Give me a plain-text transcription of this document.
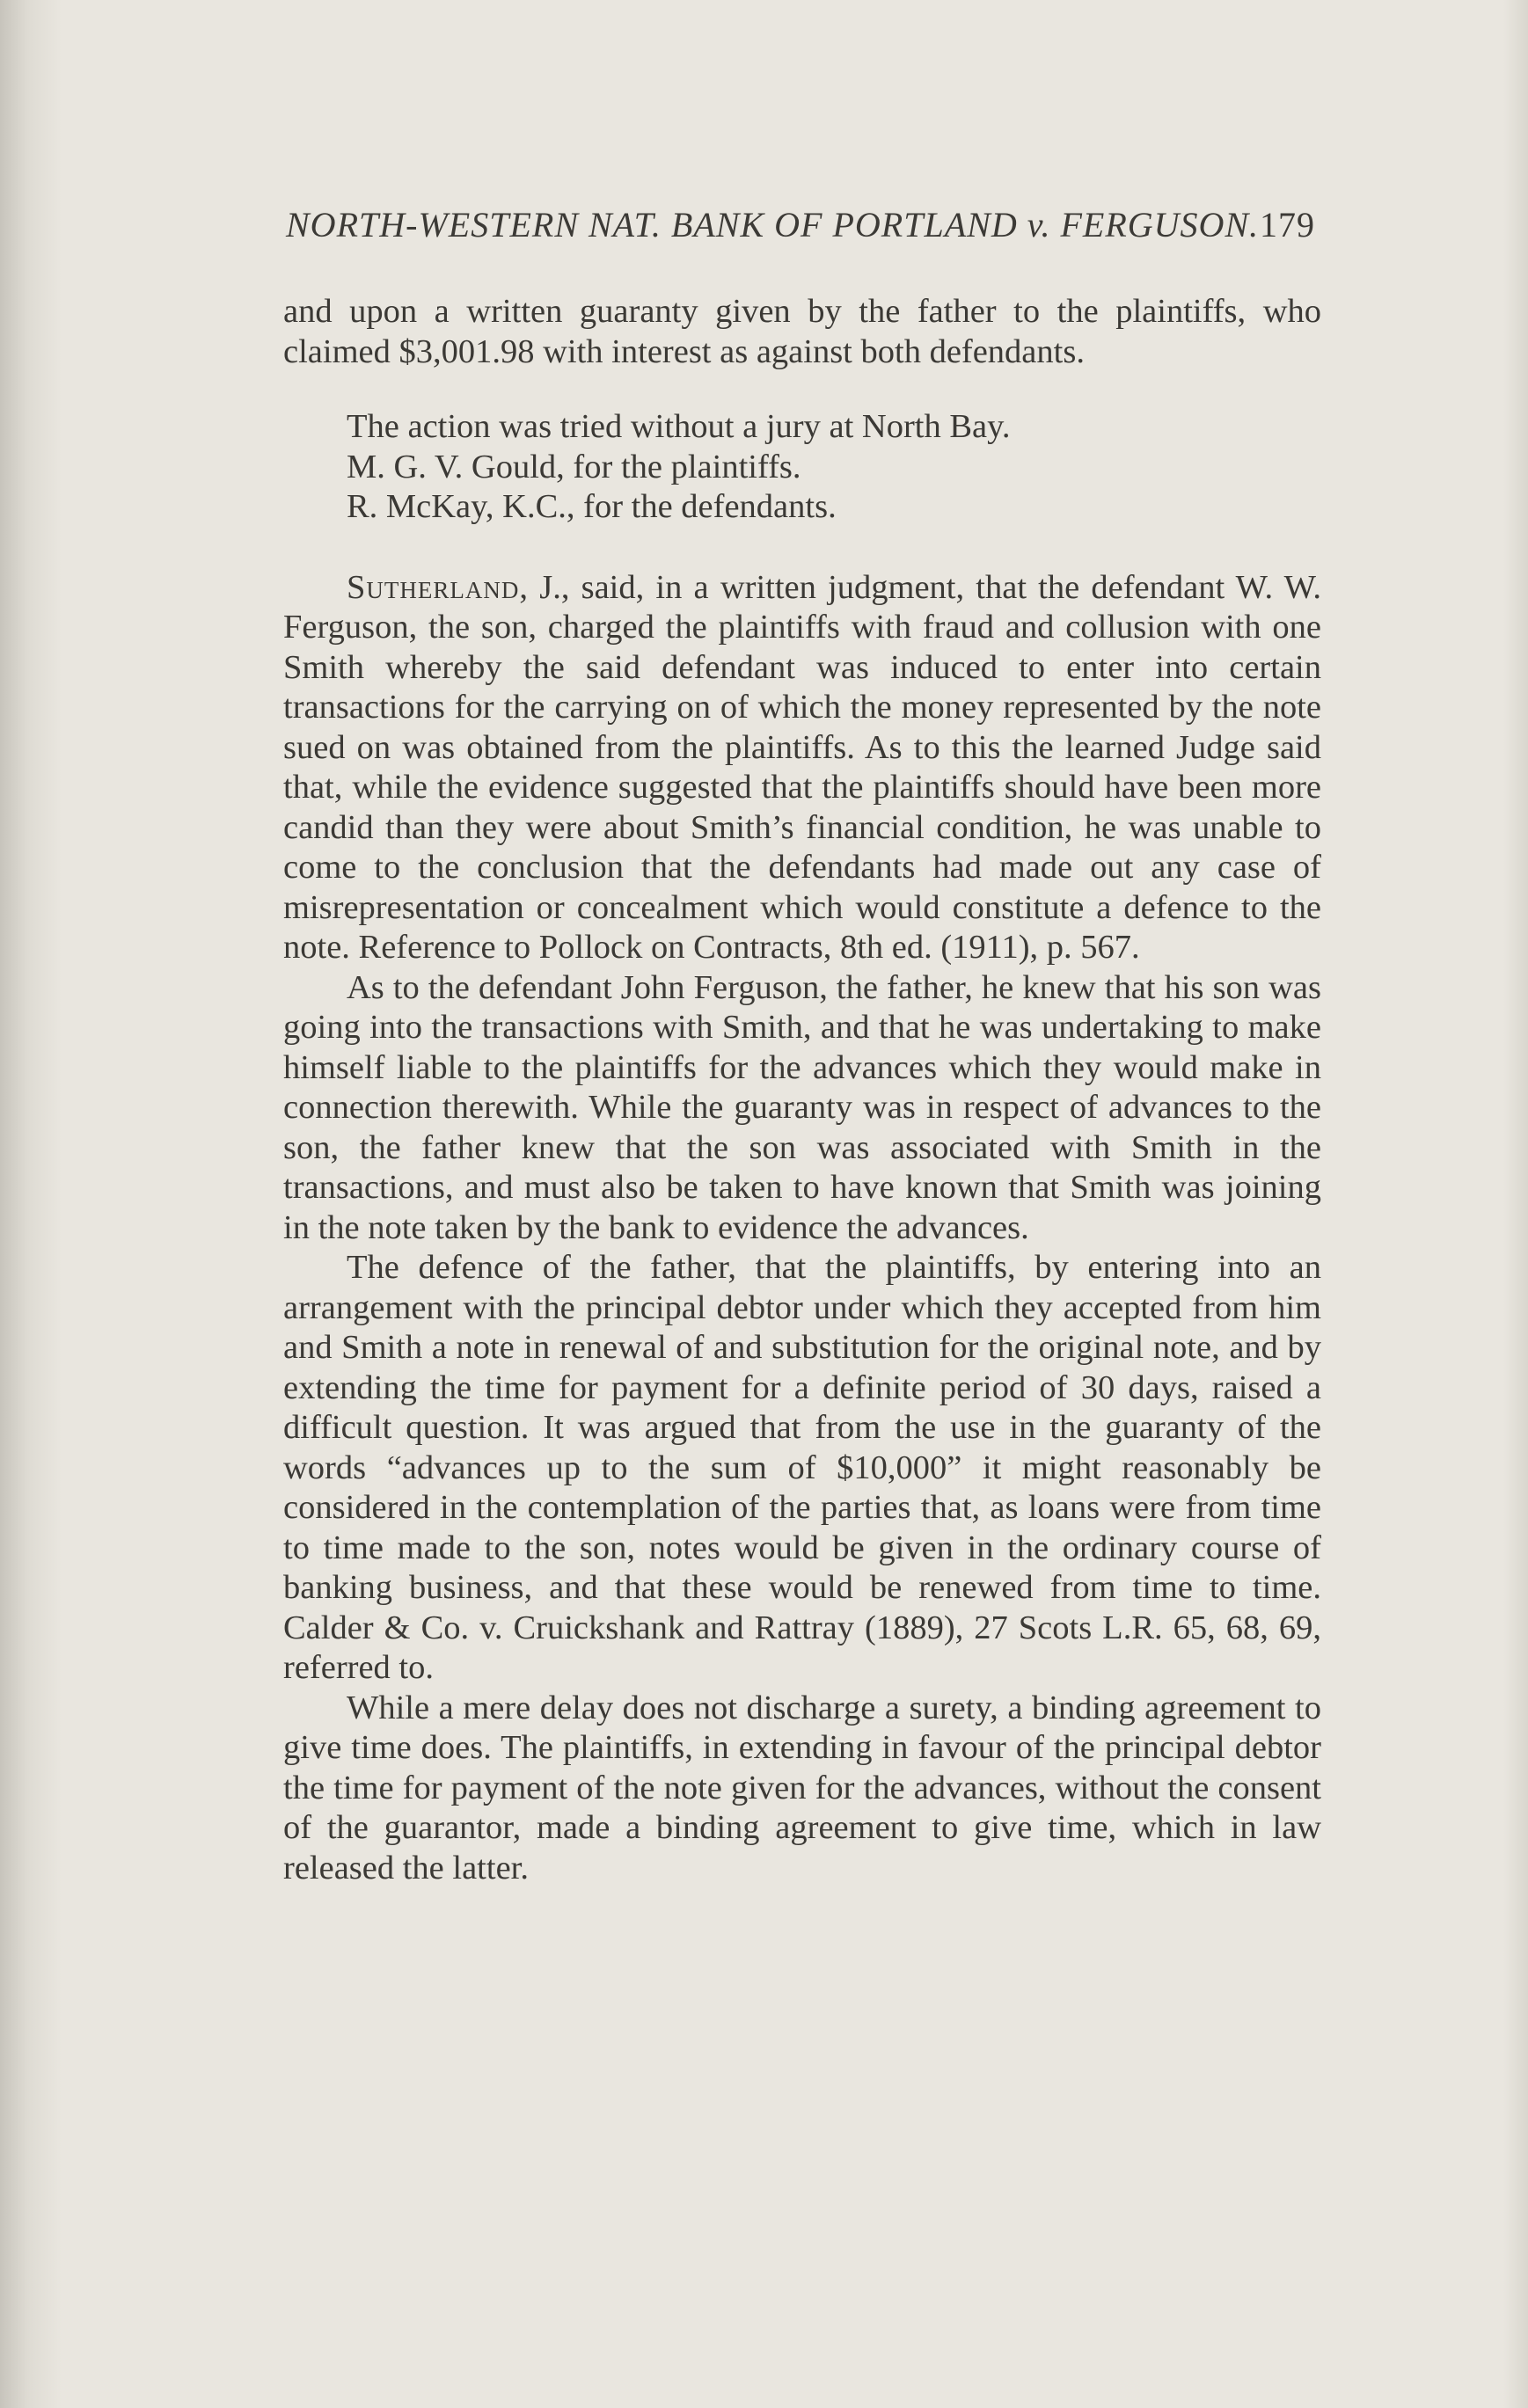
NORTH-WESTERN NAT. BANK OF PORTLAND v. FERGUSON. 179

and upon a written guaranty given by the father to the plaintiffs, who claimed $3,001.98 with interest as against both defendants.

The action was tried without a jury at North Bay.

M. G. V. Gould, for the plaintiffs.

R. McKay, K.C., for the defendants.

Sutherland, J., said, in a written judgment, that the defendant W. W. Ferguson, the son, charged the plaintiffs with fraud and collusion with one Smith whereby the said defendant was induced to enter into certain transactions for the carrying on of which the money represented by the note sued on was obtained from the plaintiffs. As to this the learned Judge said that, while the evidence suggested that the plaintiffs should have been more candid than they were about Smith’s financial condition, he was unable to come to the conclusion that the defendants had made out any case of misrepresentation or concealment which would constitute a defence to the note. Reference to Pollock on Contracts, 8th ed. (1911), p. 567.

As to the defendant John Ferguson, the father, he knew that his son was going into the transactions with Smith, and that he was undertaking to make himself liable to the plaintiffs for the advances which they would make in connection therewith. While the guaranty was in respect of advances to the son, the father knew that the son was associated with Smith in the transactions, and must also be taken to have known that Smith was joining in the note taken by the bank to evidence the advances.

The defence of the father, that the plaintiffs, by entering into an arrangement with the principal debtor under which they accepted from him and Smith a note in renewal of and substitution for the original note, and by extending the time for payment for a definite period of 30 days, raised a difficult question. It was argued that from the use in the guaranty of the words “advances up to the sum of $10,000” it might reasonably be considered in the contemplation of the parties that, as loans were from time to time made to the son, notes would be given in the ordinary course of banking business, and that these would be renewed from time to time. Calder & Co. v. Cruickshank and Rattray (1889), 27 Scots L.R. 65, 68, 69, referred to.

While a mere delay does not discharge a surety, a binding agreement to give time does. The plaintiffs, in extending in favour of the principal debtor the time for payment of the note given for the advances, without the consent of the guarantor, made a binding agreement to give time, which in law released the latter.
